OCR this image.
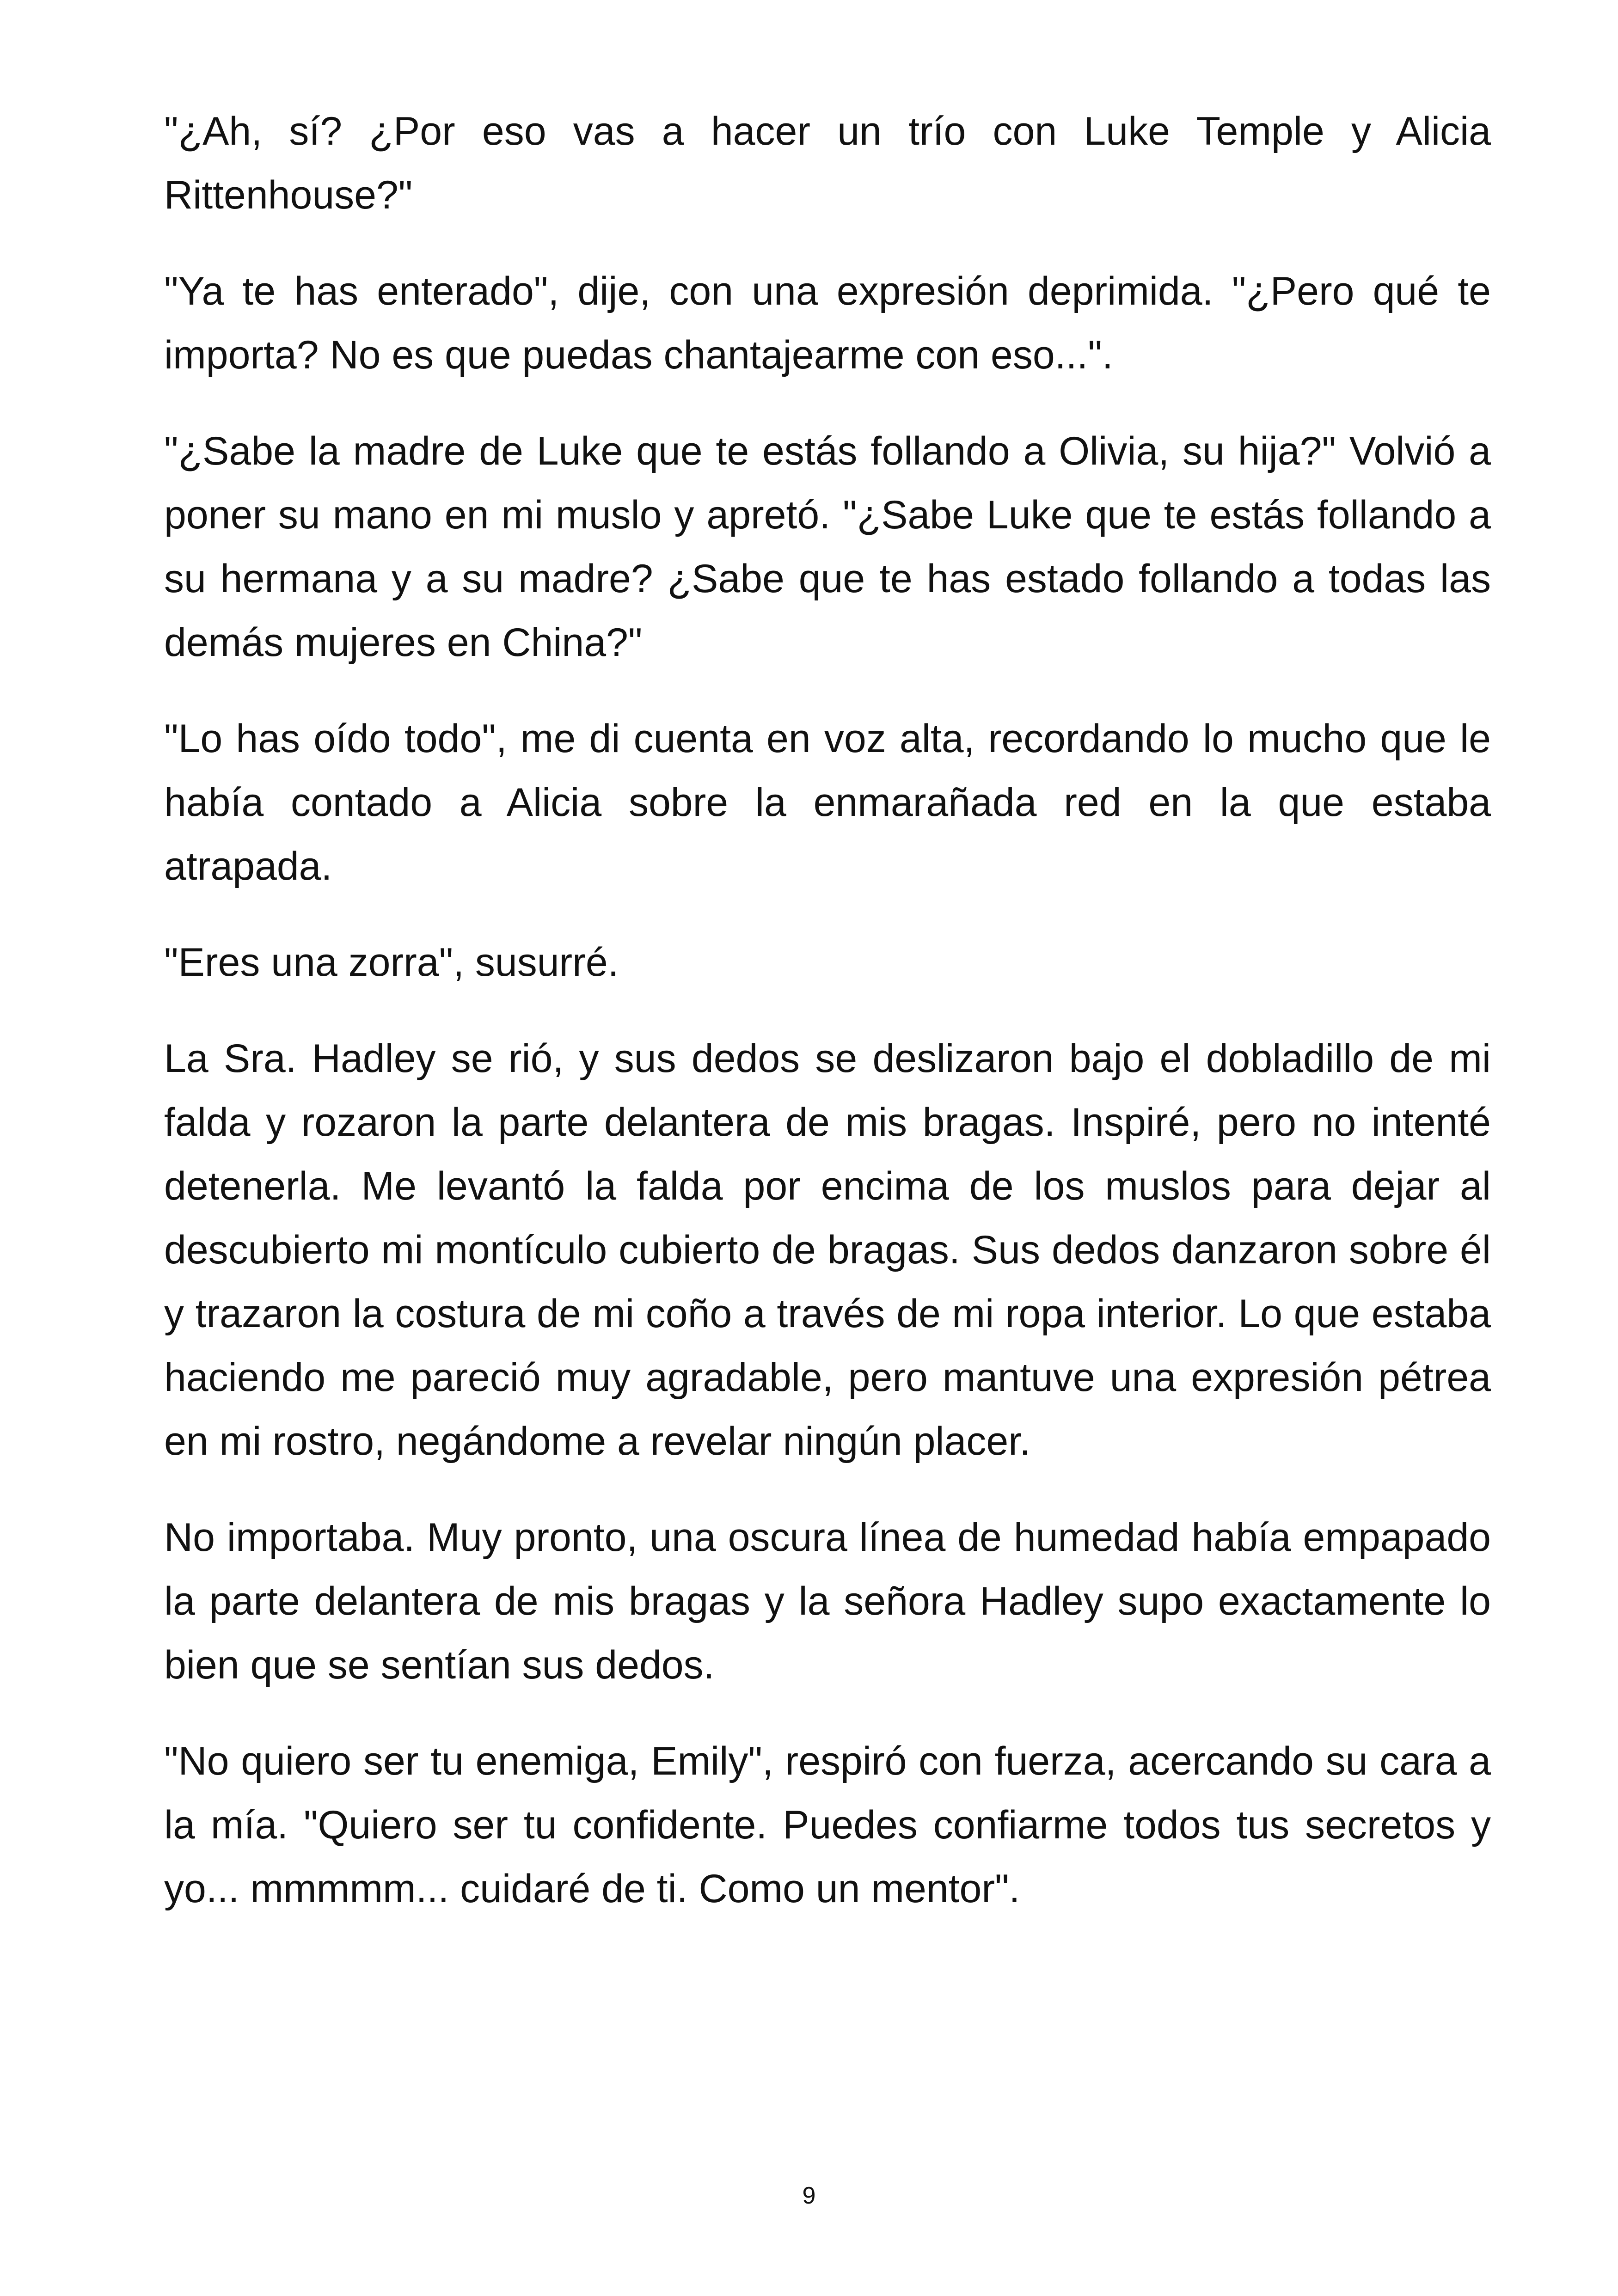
"¿Ah, sí? ¿Por eso vas a hacer un trío con Luke Temple y Alicia Rittenhouse?"

"Ya te has enterado", dije, con una expresión deprimida. "¿Pero qué te importa? No es que puedas chantajearme con eso...".

"¿Sabe la madre de Luke que te estás follando a Olivia, su hija?" Volvió a poner su mano en mi muslo y apretó. "¿Sabe Luke que te estás follando a su hermana y a su madre? ¿Sabe que te has estado follando a todas las demás mujeres en China?"

"Lo has oído todo", me di cuenta en voz alta, recordando lo mucho que le había contado a Alicia sobre la enmarañada red en la que estaba atrapada.

"Eres una zorra", susurré.

La Sra. Hadley se rió, y sus dedos se deslizaron bajo el dobladillo de mi falda y rozaron la parte delantera de mis bragas. Inspiré, pero no intenté detenerla. Me levantó la falda por encima de los muslos para dejar al descubierto mi montículo cubierto de bragas. Sus dedos danzaron sobre él y trazaron la costura de mi coño a través de mi ropa interior. Lo que estaba haciendo me pareció muy agradable, pero mantuve una expresión pétrea en mi rostro, negándome a revelar ningún placer.

No importaba. Muy pronto, una oscura línea de humedad había empapado la parte delantera de mis bragas y la señora Hadley supo exactamente lo bien que se sentían sus dedos.

"No quiero ser tu enemiga, Emily", respiró con fuerza, acercando su cara a la mía. "Quiero ser tu confidente. Puedes confiarme todos tus secretos y yo... mmmmm... cuidaré de ti. Como un mentor".

9
